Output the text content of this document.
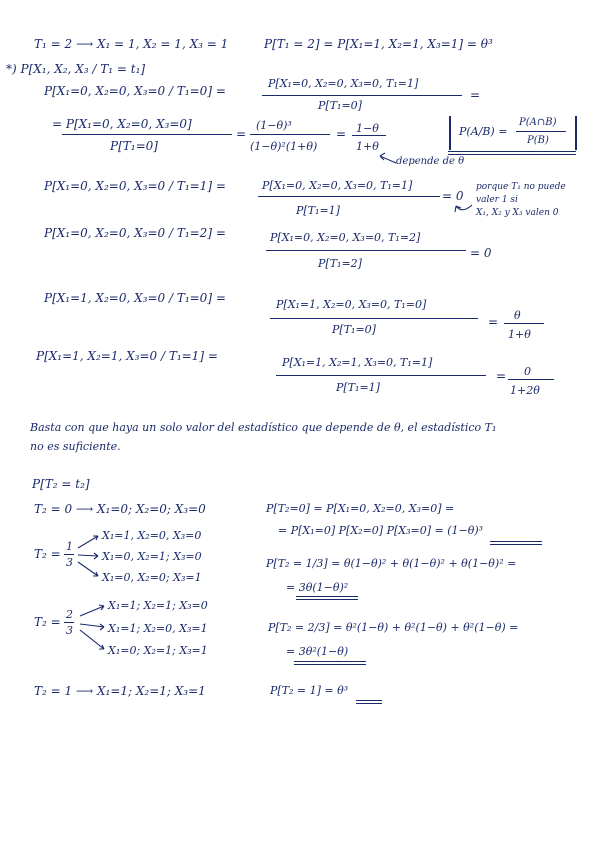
T₁ = 2 ⟶ X₁ = 1, X₂ = 1, X₃ = 1	P[T₁ = 2] = P[X₁=1, X₂=1, X₃=1] = θ³
*) P[X₁, X₂, X₃ / T₁ = t₁]
P[X₁=0, X₂=0, X₃=0 / T₁=0] =
P[X₁=0, X₂=0, X₃=0, T₁=1]
P[T₁=0]
=
= P[X₁=0, X₂=0, X₃=0]
P[T₁=0]
=
(1−θ)³
(1−θ)²(1+θ)
= 1−θ
1+θ
P(A/B) =
P(A∩B)
P(B)
depende de θ
P[X₁=0, X₂=0, X₃=0 / T₁=1] =	P[X₁=0, X₂=0, X₃=0, T₁=1]
P[T₁=1]
= 0
porque T₁ no puede
valer 1 si
X₁, X₂ y X₃ valen 0
P[X₁=0, X₂=0, X₃=0 / T₁=2] =	P[X₁=0, X₂=0, X₃=0, T₁=2]
P[T₁=2]
= 0
P[X₁=1, X₂=0, X₃=0 / T₁=0] =	P[X₁=1, X₂=0, X₃=0, T₁=0]
P[T₁=0]
= θ
1+θ
P[X₁=1, X₂=1, X₃=0 / T₁=1] =	P[X₁=1, X₂=1, X₃=0, T₁=1]
P[T₁=1]
= 0
1+2θ
Basta con que haya un solo valor del estadístico que depende de θ, el estadístico T₁
no es suficiente.
P[T₂ = t₂]
T₂ = 0 ⟶ X₁=0; X₂=0; X₃=0	P[T₂=0] = P[X₁=0, X₂=0, X₃=0] =
= P[X₁=0] P[X₂=0] P[X₃=0] = (1−θ)³
T₂ =
1
3
X₁=1, X₂=0, X₃=0
X₁=0, X₂=1; X₃=0
X₁=0, X₂=0; X₃=1
P[T₂ = 1/3] = θ(1−θ)² + θ(1−θ)² + θ(1−θ)² =
= 3θ(1−θ)²
T₂ =
2
3
X₁=1; X₂=1; X₃=0
X₁=1; X₂=0, X₃=1
X₁=0; X₂=1; X₃=1
P[T₂ = 2/3] = θ²(1−θ) + θ²(1−θ) + θ²(1−θ) =
= 3θ²(1−θ)
T₂ = 1 ⟶ X₁=1; X₂=1; X₃=1	P[T₂ = 1] = θ³
